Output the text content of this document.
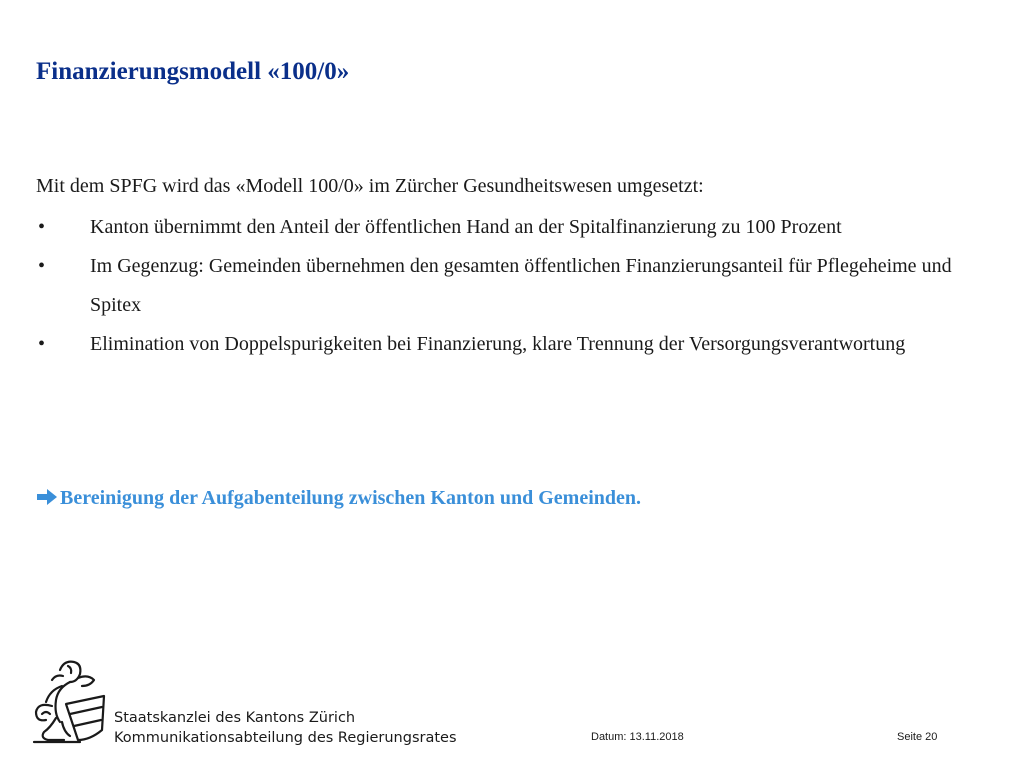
Finanzierungsmodell «100/0»
Mit dem SPFG wird das «Modell 100/0» im Zürcher Gesundheitswesen umgesetzt:
•	Kanton übernimmt den Anteil der öffentlichen Hand an der Spitalfinanzierung zu 100 Prozent
•	Im Gegenzug: Gemeinden übernehmen den gesamten öffentlichen Finanzierungsanteil für Pflegeheime und Spitex
•	Elimination von Doppelspurigkeiten bei Finanzierung, klare Trennung der Versorgungsverantwortung
Bereinigung der Aufgabenteilung zwischen Kanton und Gemeinden.
Staatskanzlei des Kantons Zürich
Kommunikationsabteilung des Regierungsrates	Datum: 13.11.2018	Seite 20
